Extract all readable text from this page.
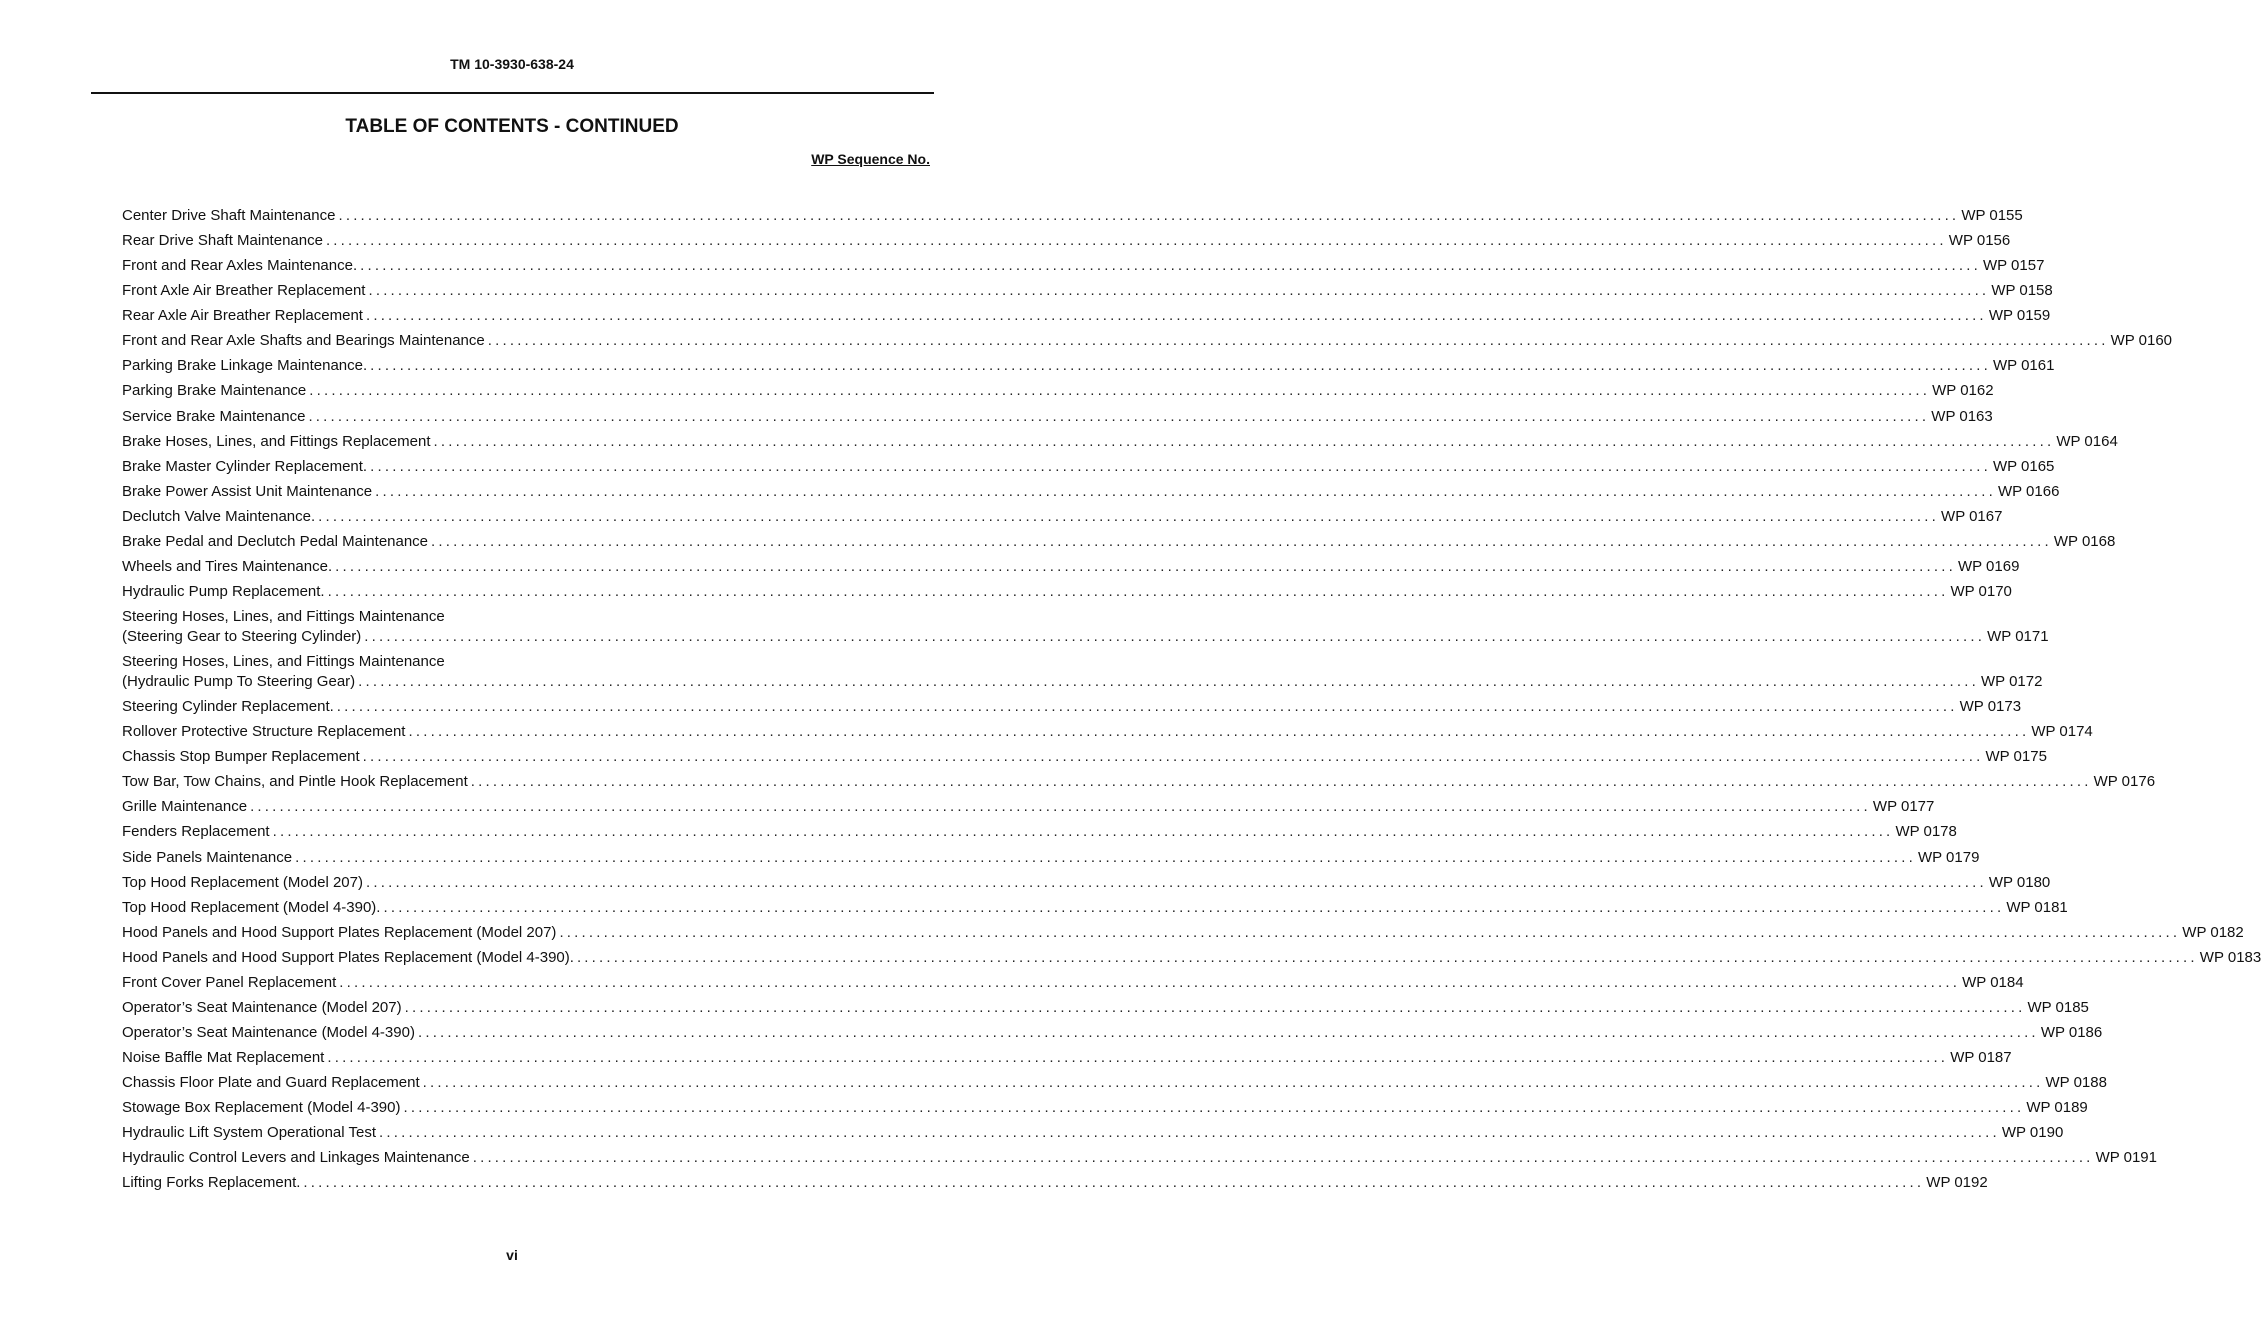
TM 10-3930-638-24
TABLE OF CONTENTS - CONTINUED
WP Sequence No.
Center Drive Shaft Maintenance ............................................................................................................................................................................................................................ WP 0155
Rear Drive Shaft Maintenance ............................................................................................................................................................................................................................ WP 0156
Front and Rear Axles Maintenance. ............................................................................................................................................................................................................................ WP 0157
Front Axle Air Breather Replacement ............................................................................................................................................................................................................................ WP 0158
Rear Axle Air Breather Replacement ............................................................................................................................................................................................................................ WP 0159
Front and Rear Axle Shafts and Bearings Maintenance ............................................................................................................................................................................................................................ WP 0160
Parking Brake Linkage Maintenance. ............................................................................................................................................................................................................................ WP 0161
Parking Brake Maintenance ............................................................................................................................................................................................................................ WP 0162
Service Brake Maintenance ............................................................................................................................................................................................................................ WP 0163
Brake Hoses, Lines, and Fittings Replacement ............................................................................................................................................................................................................................ WP 0164
Brake Master Cylinder Replacement. ............................................................................................................................................................................................................................ WP 0165
Brake Power Assist Unit Maintenance ............................................................................................................................................................................................................................ WP 0166
Declutch Valve Maintenance. ............................................................................................................................................................................................................................ WP 0167
Brake Pedal and Declutch Pedal Maintenance ............................................................................................................................................................................................................................ WP 0168
Wheels and Tires Maintenance. ............................................................................................................................................................................................................................ WP 0169
Hydraulic Pump Replacement. ............................................................................................................................................................................................................................ WP 0170
Steering Hoses, Lines, and Fittings Maintenance
(Steering Gear to Steering Cylinder) ............................................................................................................................................................................................................................ WP 0171
Steering Hoses, Lines, and Fittings Maintenance
(Hydraulic Pump To Steering Gear) ............................................................................................................................................................................................................................ WP 0172
Steering Cylinder Replacement. ............................................................................................................................................................................................................................ WP 0173
Rollover Protective Structure Replacement ............................................................................................................................................................................................................................ WP 0174
Chassis Stop Bumper Replacement ............................................................................................................................................................................................................................ WP 0175
Tow Bar, Tow Chains, and Pintle Hook Replacement ............................................................................................................................................................................................................................ WP 0176
Grille Maintenance ............................................................................................................................................................................................................................ WP 0177
Fenders Replacement ............................................................................................................................................................................................................................ WP 0178
Side Panels Maintenance ............................................................................................................................................................................................................................ WP 0179
Top Hood Replacement (Model 207) ............................................................................................................................................................................................................................ WP 0180
Top Hood Replacement (Model 4-390). ............................................................................................................................................................................................................................ WP 0181
Hood Panels and Hood Support Plates Replacement (Model 207) ............................................................................................................................................................................................................................ WP 0182
Hood Panels and Hood Support Plates Replacement (Model 4-390). ............................................................................................................................................................................................................................ WP 0183
Front Cover Panel Replacement ............................................................................................................................................................................................................................ WP 0184
Operator’s Seat Maintenance (Model 207) ............................................................................................................................................................................................................................ WP 0185
Operator’s Seat Maintenance (Model 4-390) ............................................................................................................................................................................................................................ WP 0186
Noise Baffle Mat Replacement ............................................................................................................................................................................................................................ WP 0187
Chassis Floor Plate and Guard Replacement ............................................................................................................................................................................................................................ WP 0188
Stowage Box Replacement (Model 4-390) ............................................................................................................................................................................................................................ WP 0189
Hydraulic Lift System Operational Test ............................................................................................................................................................................................................................ WP 0190
Hydraulic Control Levers and Linkages Maintenance ............................................................................................................................................................................................................................ WP 0191
Lifting Forks Replacement. ............................................................................................................................................................................................................................ WP 0192
vi
